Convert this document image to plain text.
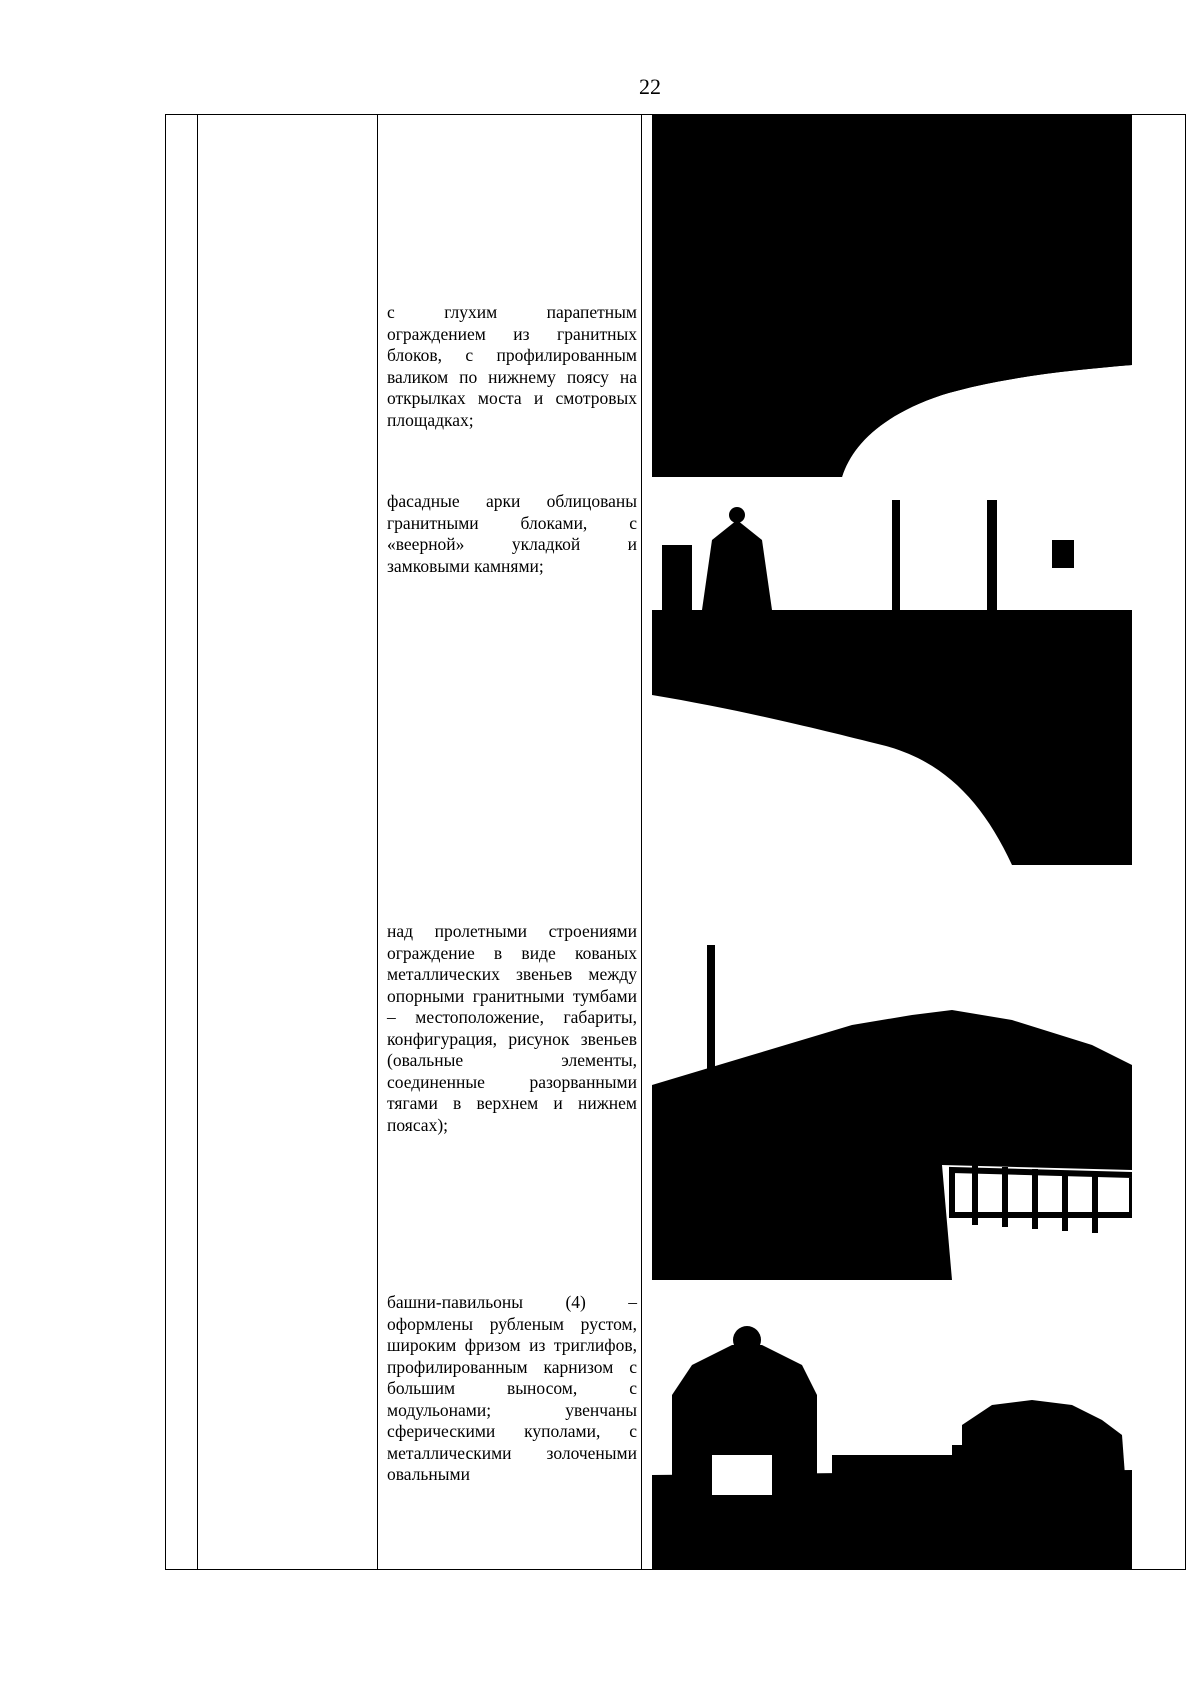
22

с глухим парапетным ограждением из гранитных блоков, с профилированным валиком по нижнему поясу на открылках моста и смотровых площадках;

фасадные арки облицованы гранитными блоками, с «веерной» укладкой и замковыми камнями;

над пролетными строениями ограждение в виде кованых металлических звеньев между опорными гранитными тумбами – местоположение, габариты, конфигурация, рисунок звеньев (овальные элементы, соединенные разорванными тягами в верхнем и нижнем поясах);

башни-павильоны (4) – оформлены рубленым рустом, широким фризом из триглифов, профилированным карнизом с большим выносом, с модульонами; увенчаны сферическими куполами, с металлическими золочеными овальными
